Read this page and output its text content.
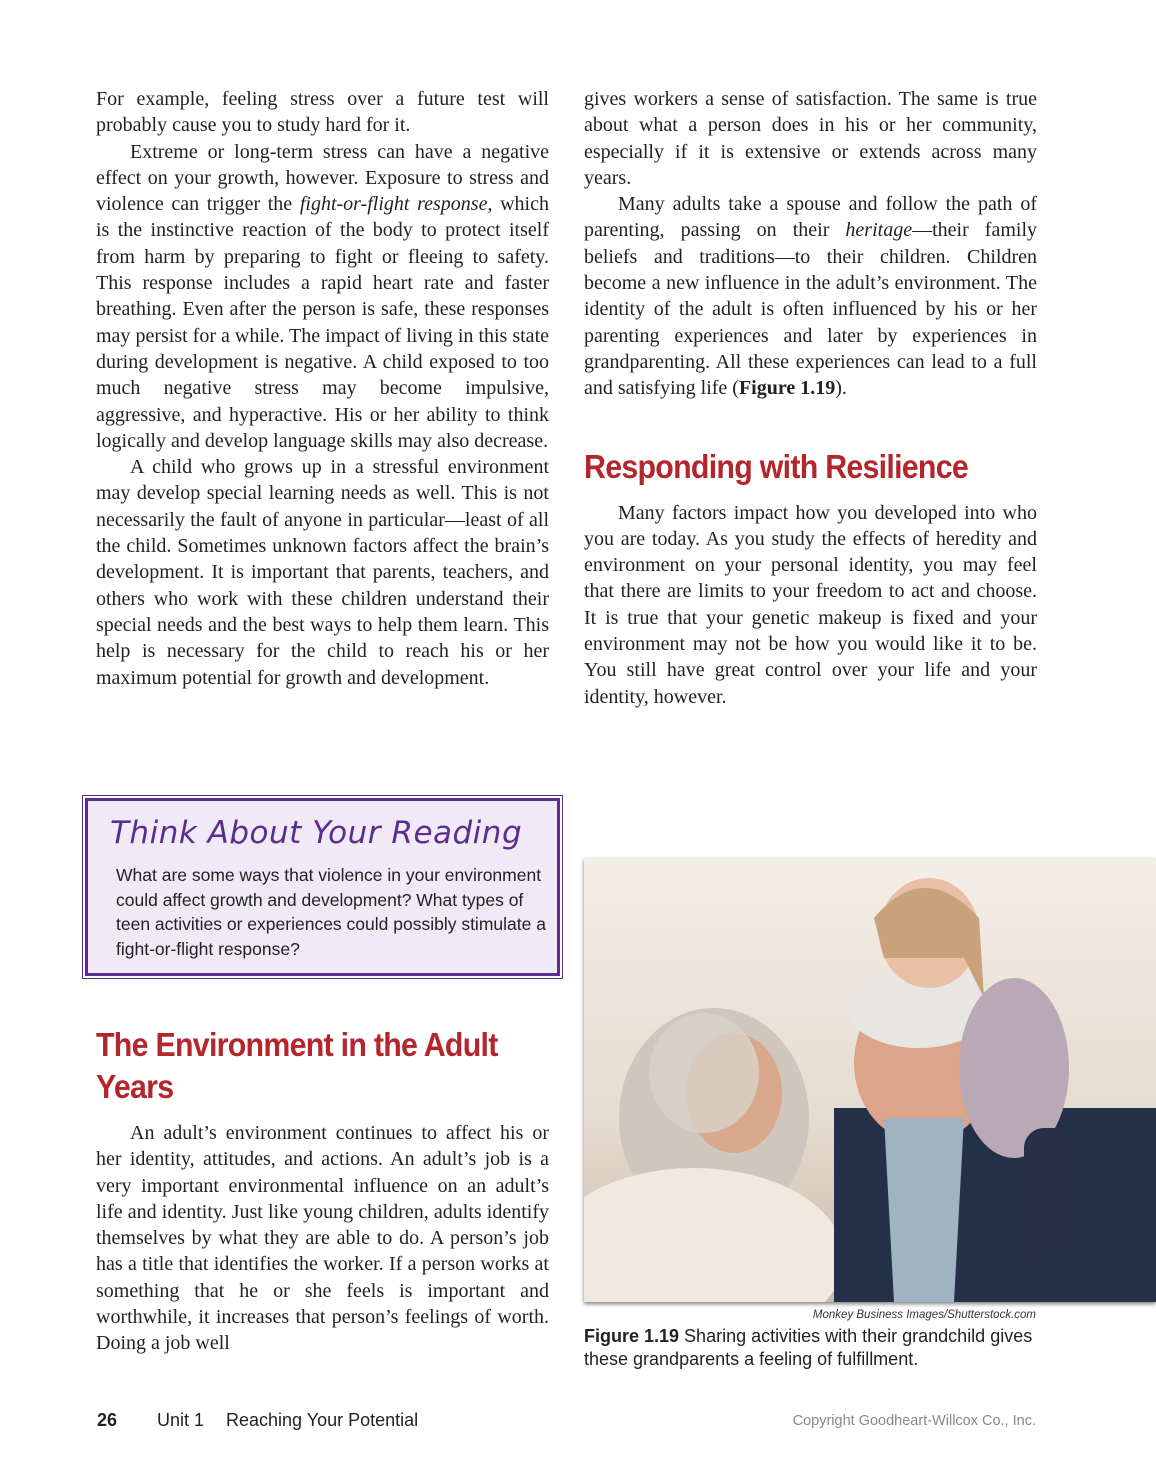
For example, feeling stress over a future test will probably cause you to study hard for it.

Extreme or long-term stress can have a negative effect on your growth, however. Exposure to stress and violence can trigger the fight-or-flight response, which is the instinctive reaction of the body to protect itself from harm by preparing to fight or fleeing to safety. This response includes a rapid heart rate and faster breathing. Even after the person is safe, these responses may persist for a while. The impact of living in this state during development is negative. A child exposed to too much negative stress may become impulsive, aggressive, and hyperactive. His or her ability to think logically and develop language skills may also decrease.

A child who grows up in a stressful environment may develop special learning needs as well. This is not necessarily the fault of anyone in particular—least of all the child. Sometimes unknown factors affect the brain’s development. It is important that parents, teachers, and others who work with these children understand their special needs and the best ways to help them learn. This help is necessary for the child to reach his or her maximum potential for growth and development.

Think About Your Reading
What are some ways that violence in your environment could affect growth and development? What types of teen activities or experiences could possibly stimulate a fight-or-flight response?
The Environment in the Adult Years

An adult’s environment continues to affect his or her identity, attitudes, and actions. An adult’s job is a very important environmental influence on an adult’s life and identity. Just like young children, adults identify themselves by what they are able to do. A person’s job has a title that identifies the worker. If a person works at something that he or she feels is important and worthwhile, it increases that person’s feelings of worth. Doing a job well

gives workers a sense of satisfaction. The same is true about what a person does in his or her community, especially if it is extensive or extends across many years.

Many adults take a spouse and follow the path of parenting, passing on their heritage—their family beliefs and traditions—to their children. Children become a new influence in the adult’s environment. The identity of the adult is often influenced by his or her parenting experiences and later by experiences in grandparenting. All these experiences can lead to a full and satisfying life (Figure 1.19).

Responding with Resilience

Many factors impact how you developed into who you are today. As you study the effects of heredity and environment on your personal identity, you may feel that there are limits to your freedom to act and choose. It is true that your genetic makeup is fixed and your environment may not be how you would like it to be. You still have great control over your life and your identity, however.

Monkey Business Images/Shutterstock.com
Figure 1.19 Sharing activities with their grandchild gives these grandparents a feeling of fulfillment.
26 Unit 1 Reaching Your Potential	Copyright Goodheart-Willcox Co., Inc.
